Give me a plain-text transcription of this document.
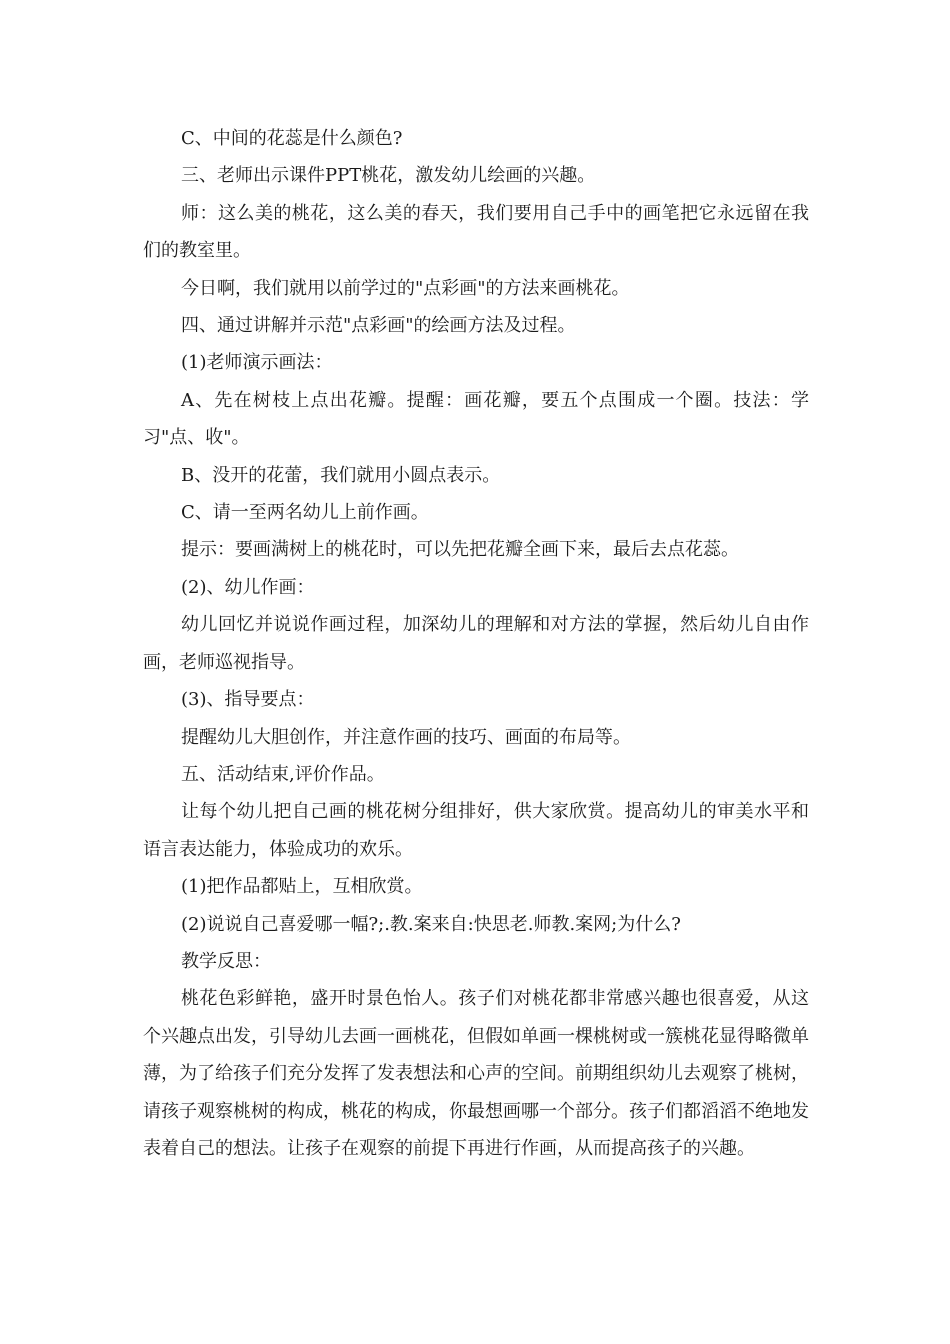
C、中间的花蕊是什么颜色?

三、老师出示课件PPT桃花，激发幼儿绘画的兴趣。

师：这么美的桃花，这么美的春天，我们要用自己手中的画笔把它永远留在我们的教室里。

今日啊，我们就用以前学过的"点彩画"的方法来画桃花。

四、通过讲解并示范"点彩画"的绘画方法及过程。

(1)老师演示画法：

A、先在树枝上点出花瓣。提醒：画花瓣，要五个点围成一个圈。技法：学习"点、收"。

B、没开的花蕾，我们就用小圆点表示。

C、请一至两名幼儿上前作画。

提示：要画满树上的桃花时，可以先把花瓣全画下来，最后去点花蕊。

(2)、幼儿作画：

幼儿回忆并说说作画过程，加深幼儿的理解和对方法的掌握，然后幼儿自由作画，老师巡视指导。

(3)、指导要点：

提醒幼儿大胆创作，并注意作画的技巧、画面的布局等。

五、活动结束,评价作品。

让每个幼儿把自己画的桃花树分组排好，供大家欣赏。提高幼儿的审美水平和语言表达能力，体验成功的欢乐。

(1)把作品都贴上，互相欣赏。

(2)说说自己喜爱哪一幅?;.教.案来自:快思老.师教.案网;为什么?

教学反思：

桃花色彩鲜艳，盛开时景色怡人。孩子们对桃花都非常感兴趣也很喜爱，从这个兴趣点出发，引导幼儿去画一画桃花，但假如单画一棵桃树或一簇桃花显得略微单薄，为了给孩子们充分发挥了发表想法和心声的空间。前期组织幼儿去观察了桃树，请孩子观察桃树的构成，桃花的构成，你最想画哪一个部分。孩子们都滔滔不绝地发表着自己的想法。让孩子在观察的前提下再进行作画，从而提高孩子的兴趣。
